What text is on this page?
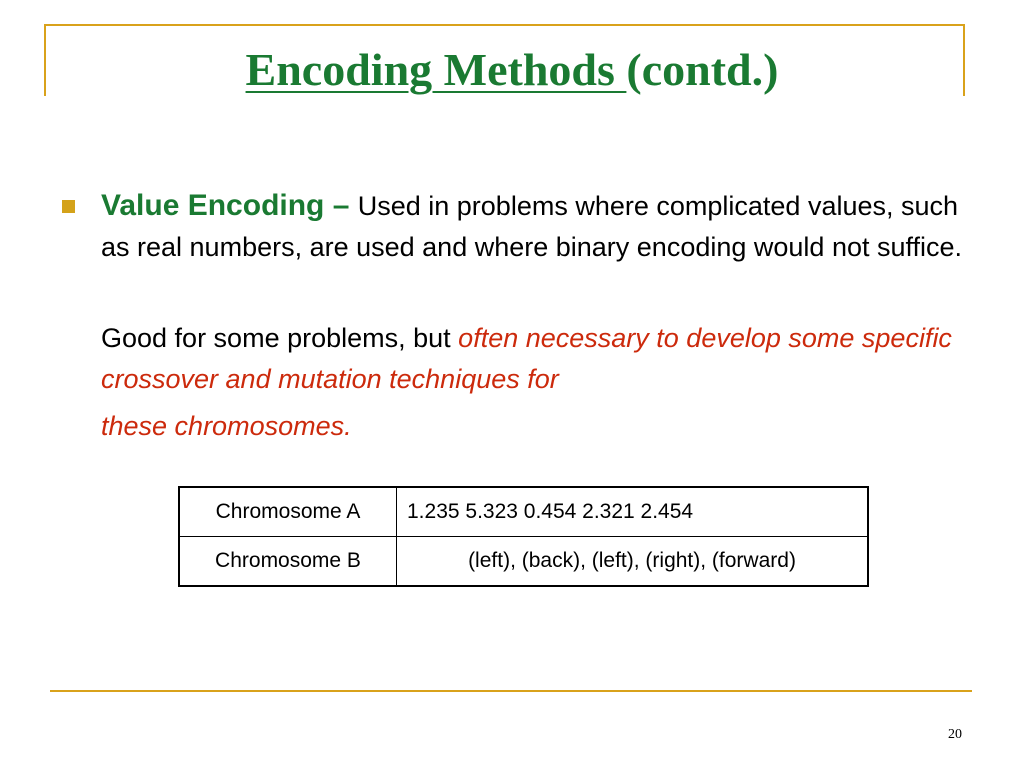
Encoding Methods (contd.)
Value Encoding – Used in problems where complicated values, such as real numbers, are used and where binary encoding would not suffice.
Good for some problems, but often necessary to develop some specific crossover and mutation techniques for
these chromosomes.
Chromosome A	1.235 5.323 0.454 2.321 2.454
Chromosome B	(left), (back), (left), (right), (forward)
20
